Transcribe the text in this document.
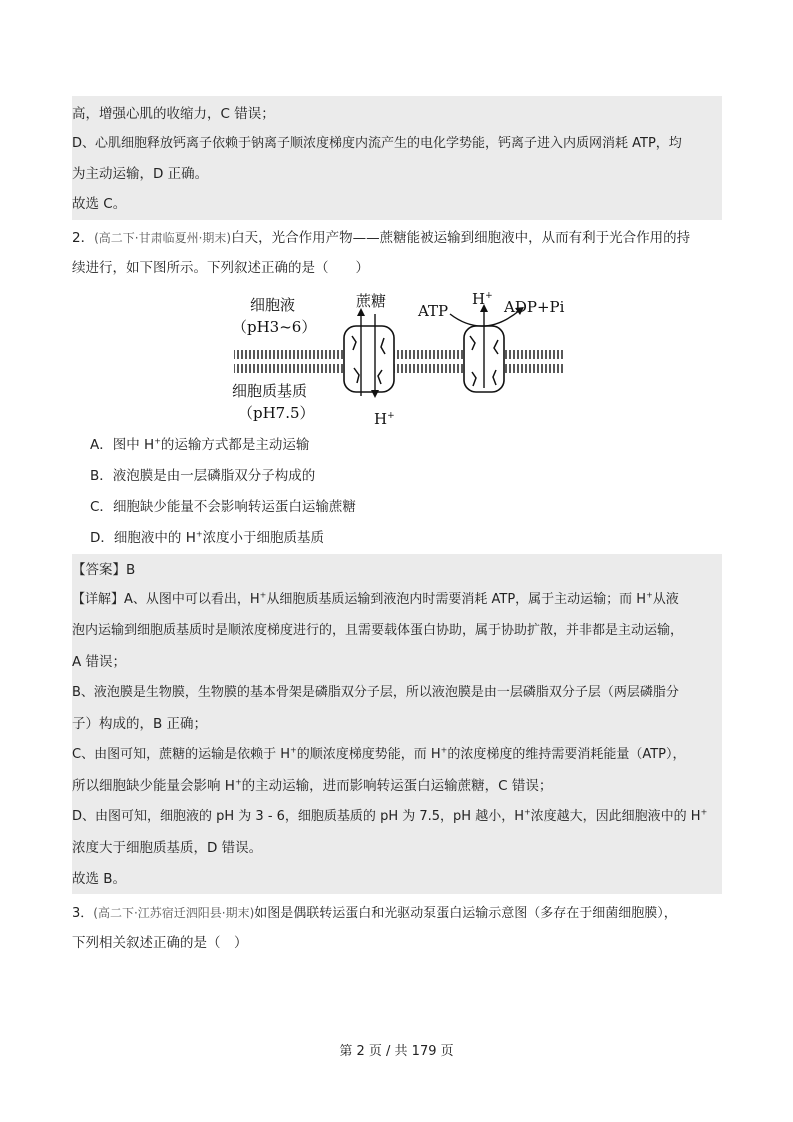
高，增强心肌的收缩力，C 错误；
D、心肌细胞释放钙离子依赖于钠离子顺浓度梯度内流产生的电化学势能，钙离子进入内质网消耗 ATP，均
为主动运输，D 正确。
故选 C。
2．(高二下·甘肃临夏州·期末)白天，光合作用产物——蔗糖能被运输到细胞液中，从而有利于光合作用的持
续进行，如下图所示。下列叙述正确的是（　　）
细胞液
（pH3~6）
蔗糖
ATP
H+
ADP+Pi
细胞质基质
（pH7.5）	H+
A．图中 H+的运输方式都是主动运输
B．液泡膜是由一层磷脂双分子构成的
C．细胞缺少能量不会影响转运蛋白运输蔗糖
D．细胞液中的 H+浓度小于细胞质基质
【答案】B
【详解】A、从图中可以看出，H+从细胞质基质运输到液泡内时需要消耗 ATP，属于主动运输；而 H+从液
泡内运输到细胞质基质时是顺浓度梯度进行的，且需要载体蛋白协助，属于协助扩散，并非都是主动运输，
A 错误；
B、液泡膜是生物膜，生物膜的基本骨架是磷脂双分子层，所以液泡膜是由一层磷脂双分子层（两层磷脂分
子）构成的，B 正确；
C、由图可知，蔗糖的运输是依赖于 H+的顺浓度梯度势能，而 H+的浓度梯度的维持需要消耗能量（ATP），
所以细胞缺少能量会影响 H+的主动运输，进而影响转运蛋白运输蔗糖，C 错误；
D、由图可知，细胞液的 pH 为 3 - 6，细胞质基质的 pH 为 7.5，pH 越小，H+浓度越大，因此细胞液中的 H+
浓度大于细胞质基质，D 错误。
故选 B。
3．(高二下·江苏宿迁泗阳县·期末)如图是偶联转运蛋白和光驱动泵蛋白运输示意图（多存在于细菌细胞膜），
下列相关叙述正确的是（　）
第 2 页 / 共 179 页
